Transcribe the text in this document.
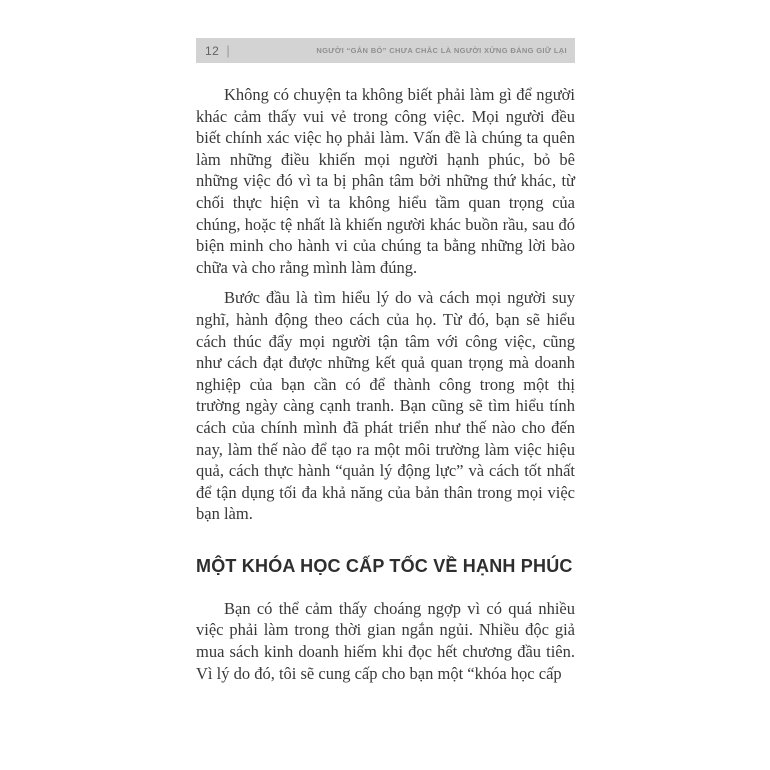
12 |	NGƯỜI “GẮN BÓ” CHƯA CHẮC LÀ NGƯỜI XỨNG ĐÁNG GIỮ LẠI

Không có chuyện ta không biết phải làm gì để người khác cảm thấy vui vẻ trong công việc. Mọi người đều biết chính xác việc họ phải làm. Vấn đề là chúng ta quên làm những điều khiến mọi người hạnh phúc, bỏ bê những việc đó vì ta bị phân tâm bởi những thứ khác, từ chối thực hiện vì ta không hiểu tầm quan trọng của chúng, hoặc tệ nhất là khiến người khác buồn rầu, sau đó biện minh cho hành vi của chúng ta bằng những lời bào chữa và cho rằng mình làm đúng.

Bước đầu là tìm hiểu lý do và cách mọi người suy nghĩ, hành động theo cách của họ. Từ đó, bạn sẽ hiểu cách thúc đẩy mọi người tận tâm với công việc, cũng như cách đạt được những kết quả quan trọng mà doanh nghiệp của bạn cần có để thành công trong một thị trường ngày càng cạnh tranh. Bạn cũng sẽ tìm hiểu tính cách của chính mình đã phát triển như thế nào cho đến nay, làm thế nào để tạo ra một môi trường làm việc hiệu quả, cách thực hành “quản lý động lực” và cách tốt nhất để tận dụng tối đa khả năng của bản thân trong mọi việc bạn làm.

MỘT KHÓA HỌC CẤP TỐC VỀ HẠNH PHÚC

Bạn có thể cảm thấy choáng ngợp vì có quá nhiều việc phải làm trong thời gian ngắn ngủi. Nhiều độc giả mua sách kinh doanh hiếm khi đọc hết chương đầu tiên. Vì lý do đó, tôi sẽ cung cấp cho bạn một “khóa học cấp
